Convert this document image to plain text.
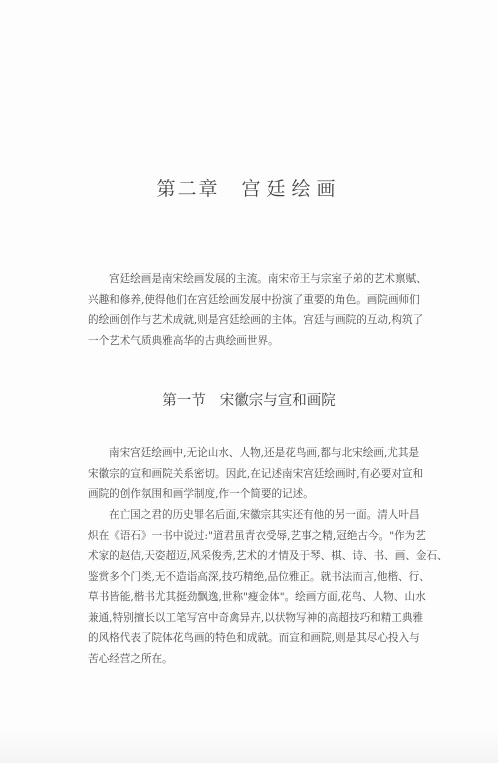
第二章 宫廷绘画
宫廷绘画是南宋绘画发展的主流。南宋帝王与宗室子弟的艺术禀赋、
兴趣和修养,使得他们在宫廷绘画发展中扮演了重要的角色。画院画师们
的绘画创作与艺术成就,则是宫廷绘画的主体。宫廷与画院的互动,构筑了
一个艺术气质典雅高华的古典绘画世界。
第一节 宋徽宗与宣和画院
南宋宫廷绘画中,无论山水、人物,还是花鸟画,都与北宋绘画,尤其是
宋徽宗的宣和画院关系密切。因此,在记述南宋宫廷绘画时,有必要对宣和
画院的创作氛围和画学制度,作一个简要的记述。
在亡国之君的历史罪名后面,宋徽宗其实还有他的另一面。清人叶昌
炽在《语石》一书中说过:"道君虽青衣受辱,艺事之精,冠绝古今。"作为艺
术家的赵佶,天姿超迈,风采俊秀,艺术的才情及于琴、棋、诗、书、画、金石、
鉴赏多个门类,无不造诣高深,技巧精绝,品位雅正。就书法而言,他楷、行、
草书皆能,楷书尤其挺劲飘逸,世称"瘦金体"。绘画方面,花鸟、人物、山水
兼通,特别擅长以工笔写宫中奇禽异卉,以状物写神的高超技巧和精工典雅
的风格代表了院体花鸟画的特色和成就。而宣和画院,则是其尽心投入与
苦心经营之所在。
